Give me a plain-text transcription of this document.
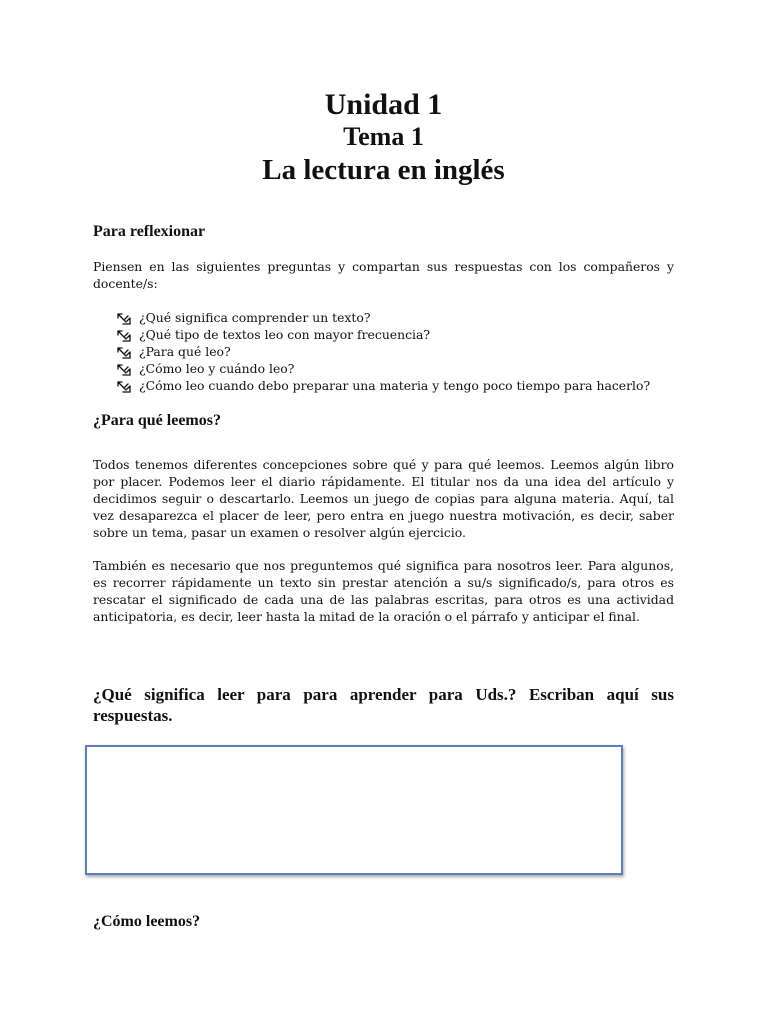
Unidad 1

Tema 1

La lectura en inglés

Para reflexionar

Piensen en las siguientes preguntas y compartan sus respuestas con los compañeros y docente/s:

¿Qué significa comprender un texto?
¿Qué tipo de textos leo con mayor frecuencia?
¿Para qué leo?
¿Cómo leo y cuándo leo?
¿Cómo leo cuando debo preparar una materia y tengo poco tiempo para hacerlo?
¿Para qué leemos?

Todos tenemos diferentes concepciones sobre qué y para qué leemos. Leemos algún libro por placer. Podemos leer el diario rápidamente. El titular nos da una idea del artículo y decidimos seguir o descartarlo. Leemos un juego de copias para alguna materia. Aquí, tal vez desaparezca el placer de leer, pero entra en juego nuestra motivación, es decir, saber sobre un tema, pasar un examen o resolver algún ejercicio.

También es necesario que nos preguntemos qué significa para nosotros leer. Para algunos, es recorrer rápidamente un texto sin prestar atención a su/s significado/s, para otros es rescatar el significado de cada una de las palabras escritas, para otros es una actividad anticipatoria, es decir, leer hasta la mitad de la oración o el párrafo y anticipar el final.

¿Qué significa leer para para aprender para Uds.? Escriban aquí sus respuestas.

¿Cómo leemos?
